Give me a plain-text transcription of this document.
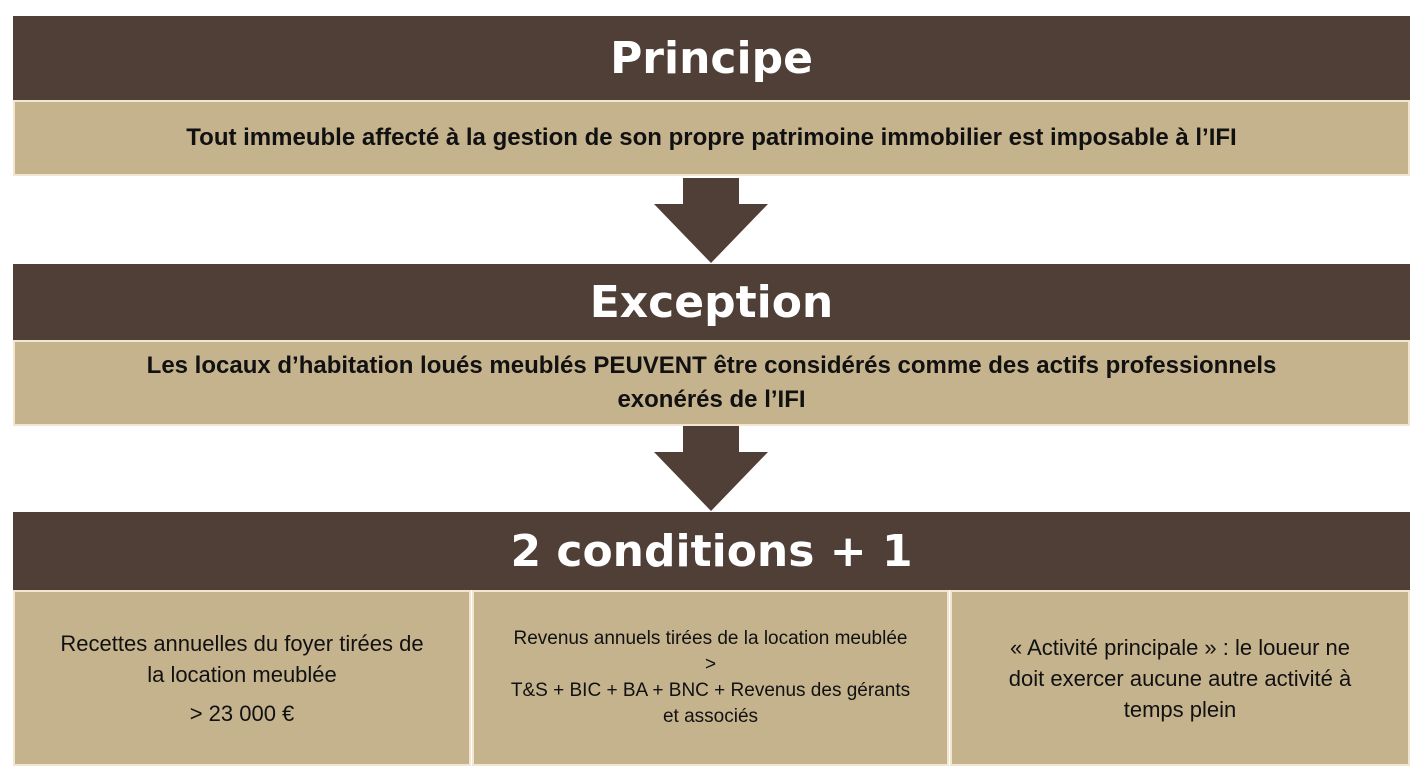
Principe
Tout immeuble affecté à la gestion de son propre patrimoine immobilier est imposable à l’IFI
Exception
Les locaux d’habitation loués meublés PEUVENT être considérés comme des actifs professionnels
exonérés de l’IFI
2 conditions + 1
Recettes annuelles du foyer tirées de
la location meublée
> 23 000 €
Revenus annuels tirées de la location meublée
>
T&S + BIC + BA + BNC + Revenus des gérants
et associés
« Activité principale » : le loueur ne
doit exercer aucune autre activité à
temps plein
